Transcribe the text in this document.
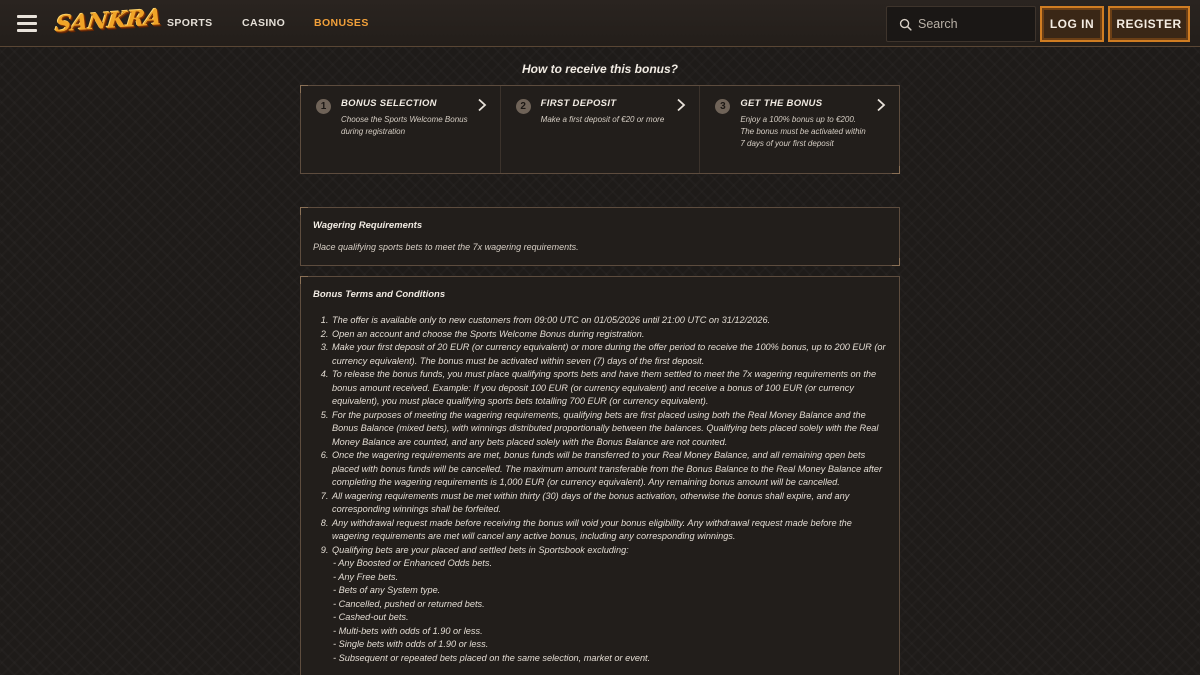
SANKRA SPORTS	CASINO	BONUSES
Search	LOG IN	REGISTER
How to receive this bonus?
1	BONUS SELECTION
Choose the Sports Welcome Bonus during registration
2	FIRST DEPOSIT
Make a first deposit of €20 or more
3	GET THE BONUS
Enjoy a 100% bonus up to €200. The bonus must be activated within 7 days of your first deposit
Wagering Requirements
Place qualifying sports bets to meet the 7x wagering requirements.
Bonus Terms and Conditions
1. The offer is available only to new customers from 09:00 UTC on 01/05/2026 until 21:00 UTC on 31/12/2026.
2. Open an account and choose the Sports Welcome Bonus during registration.
3. Make your first deposit of 20 EUR (or currency equivalent) or more during the offer period to receive the 100% bonus, up to 200 EUR (or currency equivalent). The bonus must be activated within seven (7) days of the first deposit.
4. To release the bonus funds, you must place qualifying sports bets and have them settled to meet the 7x wagering requirements on the bonus amount received. Example: If you deposit 100 EUR (or currency equivalent) and receive a bonus of 100 EUR (or currency equivalent), you must place qualifying sports bets totalling 700 EUR (or currency equivalent).
5. For the purposes of meeting the wagering requirements, qualifying bets are first placed using both the Real Money Balance and the Bonus Balance (mixed bets), with winnings distributed proportionally between the balances. Qualifying bets placed solely with the Real Money Balance are counted, and any bets placed solely with the Bonus Balance are not counted.
6. Once the wagering requirements are met, bonus funds will be transferred to your Real Money Balance, and all remaining open bets placed with bonus funds will be cancelled. The maximum amount transferable from the Bonus Balance to the Real Money Balance after completing the wagering requirements is 1,000 EUR (or currency equivalent). Any remaining bonus amount will be cancelled.
7. All wagering requirements must be met within thirty (30) days of the bonus activation, otherwise the bonus shall expire, and any corresponding winnings shall be forfeited.
8. Any withdrawal request made before receiving the bonus will void your bonus eligibility. Any withdrawal request made before the wagering requirements are met will cancel any active bonus, including any corresponding winnings.
9. Qualifying bets are your placed and settled bets in Sportsbook excluding:
- Any Boosted or Enhanced Odds bets.
- Any Free bets.
- Bets of any System type.
- Cancelled, pushed or returned bets.
- Cashed-out bets.
- Multi-bets with odds of 1.90 or less.
- Single bets with odds of 1.90 or less.
- Subsequent or repeated bets placed on the same selection, market or event.
